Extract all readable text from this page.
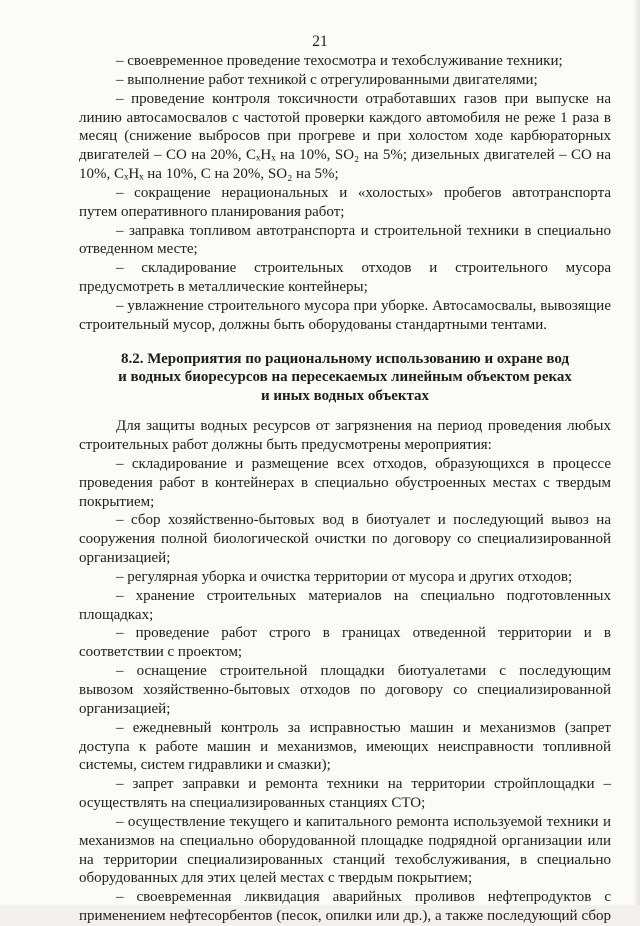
21

– своевременное проведение техосмотра и техобслуживание техники;

– выполнение работ техникой с отрегулированными двигателями;

– проведение контроля токсичности отработавших газов при выпуске на линию автосамосвалов с частотой проверки каждого автомобиля не реже 1 раза в месяц (снижение выбросов при прогреве и при холостом ходе карбюраторных двигателей – CO на 20%, CₓHₓ на 10%, SO₂ на 5%; дизельных двигателей – CO на 10%, CₓHₓ на 10%, C на 20%, SO₂ на 5%;

– сокращение нерациональных и «холостых» пробегов автотранспорта путем оперативного планирования работ;

– заправка топливом автотранспорта и строительной техники в специально отведенном месте;

– складирование строительных отходов и строительного мусора предусмотреть в металлические контейнеры;

– увлажнение строительного мусора при уборке. Автосамосвалы, вывозящие строительный мусор, должны быть оборудованы стандартными тентами.

8.2. Мероприятия по рациональному использованию и охране вод
и водных биоресурсов на пересекаемых линейным объектом реках
и иных водных объектах

Для защиты водных ресурсов от загрязнения на период проведения любых строительных работ должны быть предусмотрены мероприятия:

– складирование и размещение всех отходов, образующихся в процессе проведения работ в контейнерах в специально обустроенных местах с твердым покрытием;

– сбор хозяйственно-бытовых вод в биотуалет и последующий вывоз на сооружения полной биологической очистки по договору со специализированной организацией;

– регулярная уборка и очистка территории от мусора и других отходов;

– хранение строительных материалов на специально подготовленных площадках;

– проведение работ строго в границах отведенной территории и в соответствии с проектом;

– оснащение строительной площадки биотуалетами с последующим вывозом хозяйственно-бытовых отходов по договору со специализированной организацией;

– ежедневный контроль за исправностью машин и механизмов (запрет доступа к работе машин и механизмов, имеющих неисправности топливной системы, систем гидравлики и смазки);

– запрет заправки и ремонта техники на территории стройплощадки – осуществлять на специализированных станциях СТО;

– осуществление текущего и капитального ремонта используемой техники и механизмов на специально оборудованной площадке подрядной организации или на территории специализированных станций техобслуживания, в специально оборудованных для этих целей местах с твердым покрытием;

– своевременная ликвидация аварийных проливов нефтепродуктов с применением нефтесорбентов (песок, опилки или др.), а также последующий сбор
